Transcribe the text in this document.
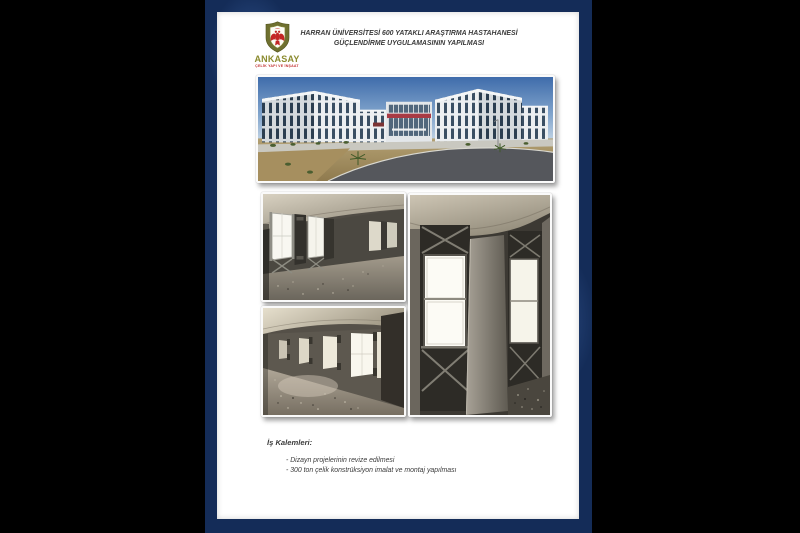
ANKASAY
ÇELİK YAPI VE İNŞAAT
HARRAN ÜNİVERSİTESİ 600 YATAKLI ARAŞTIRMA HASTAHANESİ
GÜÇLENDİRME UYGULAMASININ YAPILMASI
İş Kalemleri:
- Dizayn projelerinin revize edilmesi
- 300 ton çelik konstrüksiyon imalat ve montaj yapılması
